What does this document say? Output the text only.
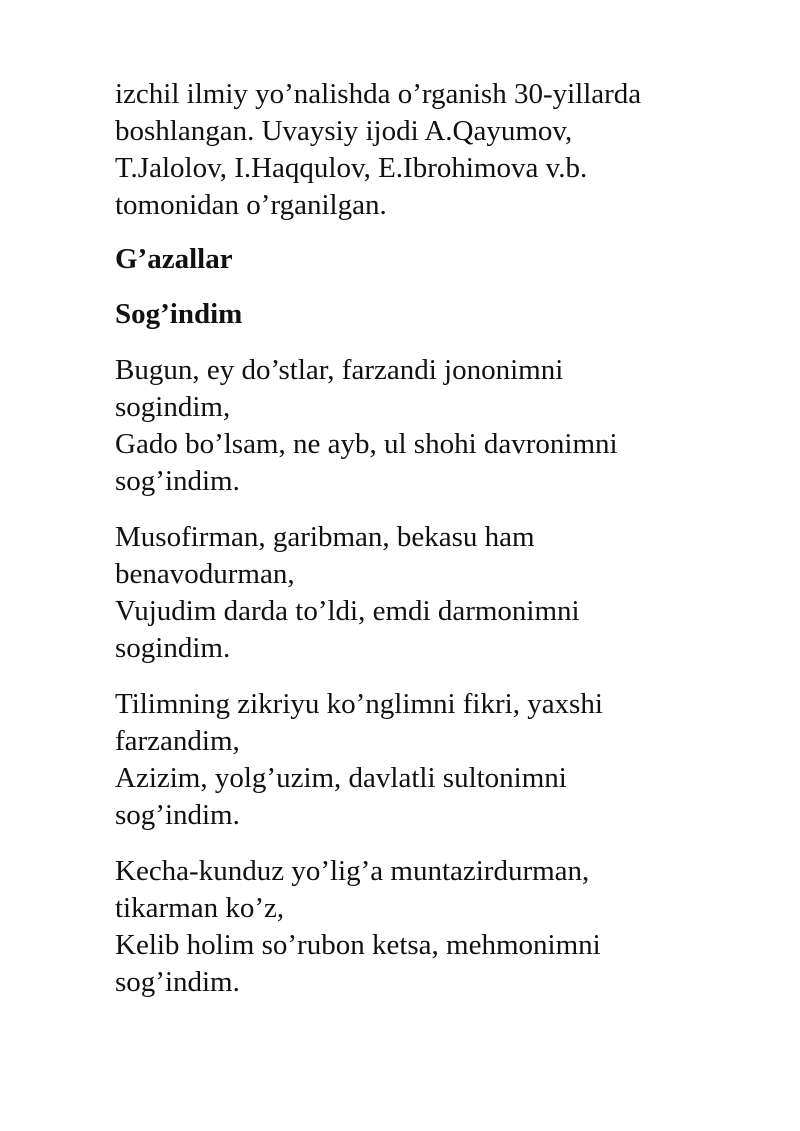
izchil ilmiy yo’nalishda o’rganish 30-yillarda
boshlangan. Uvaysiy ijodi A.Qayumov,
T.Jalolov, I.Haqqulov, E.Ibrohimova v.b.
tomonidan o’rganilgan.

G’azallar
Sog’indim

Bugun, ey do’stlar, farzandi jononimni
sogindim,
Gado bo’lsam, ne ayb, ul shohi davronimni
sog’indim.

Musofirman, garibman, bekasu ham
benavodurman,
Vujudim darda to’ldi, emdi darmonimni
sogindim.

Tilimning zikriyu ko’nglimni fikri, yaxshi
farzandim,
Azizim, yolg’uzim, davlatli sultonimni
sog’indim.

Kecha-kunduz yo’lig’a muntazirdurman,
tikarman ko’z,
Kelib holim so’rubon ketsa, mehmonimni
sog’indim.
